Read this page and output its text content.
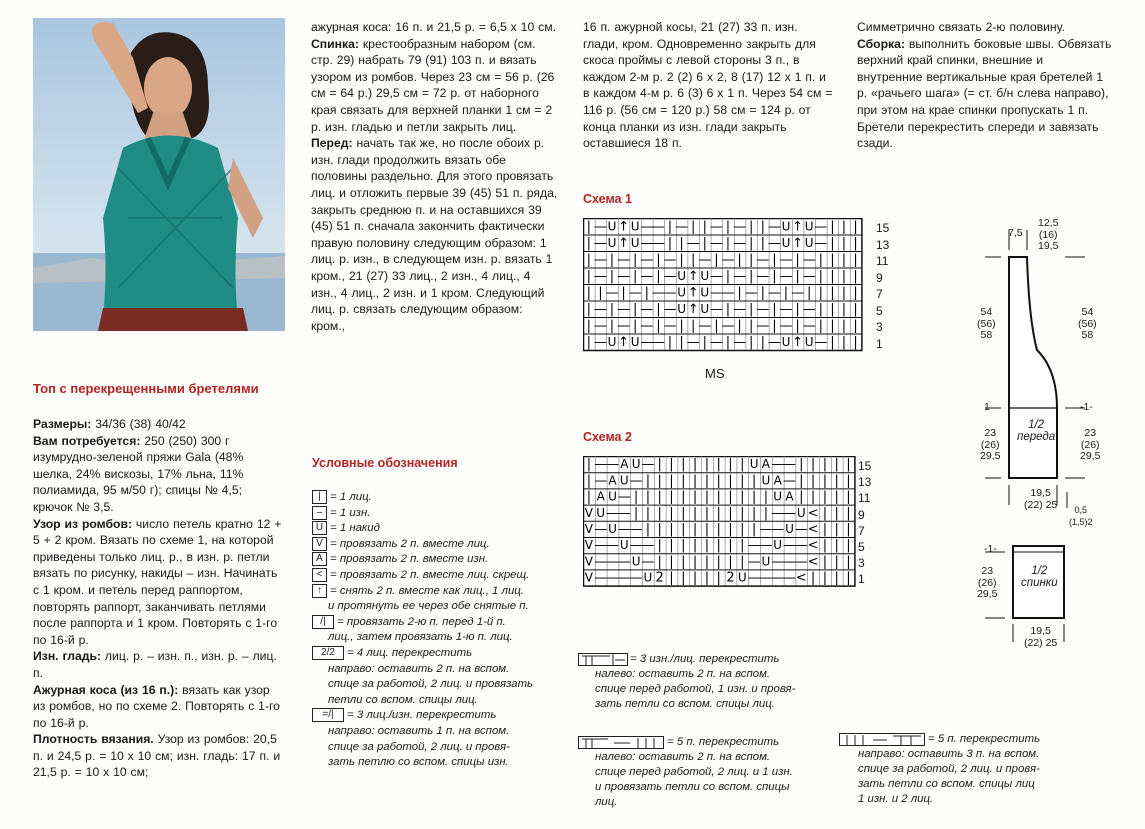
Топ с перекрещенными бретелями

Размеры: 34/36 (38) 40/42

Вам потребуется: 250 (250) 300 г изумрудно-зеленой пряжи Gala (48% шелка, 24% вискозы, 17% льна, 11% полиамида, 95 м/50 г); спицы № 4,5; крючок № 3,5.

Узор из ромбов: число петель кратно 12 + 5 + 2 кром. Вязать по схеме 1, на которой приведены только лиц. р., в изн. р. петли вязать по рисунку, накиды – изн. Начинать с 1 кром. и петель перед раппортом, повторять раппорт, заканчивать петлями после раппорта и 1 кром. Повторять с 1-го по 16-й р.

Изн. гладь: лиц. р. – изн. п., изн. р. – лиц. п.

Ажурная коса (из 16 п.): вязать как узор из ромбов, но по схеме 2. Повторять с 1-го по 16-й р.

Плотность вязания. Узор из ромбов: 20,5 п. и 24,5 р. = 10 х 10 см; изн. гладь: 17 п. и 21,5 р. = 10 х 10 см;

ажурная коса: 16 п. и 21,5 р. = 6,5 х 10 см.

Спинка: крестообразным набором (см. стр. 29) набрать 79 (91) 103 п. и вязать узором из ромбов. Через 23 см = 56 р. (26 см = 64 р.) 29,5 см = 72 р. от наборного края связать для верхней планки 1 см = 2 р. изн. гладью и петли закрыть лиц.

Перед: начать так же, но после обоих р. изн. глади продолжить вязать обе половины раздельно. Для этого провязать лиц. и отложить первые 39 (45) 51 п. ряда, закрыть среднюю п. и на оставшихся 39 (45) 51 п. сначала закончить фактически правую половину следующим образом: 1 лиц. р. изн., в следующем изн. р. вязать 1 кром., 21 (27) 33 лиц., 2 изн., 4 лиц., 4 изн., 4 лиц., 2 изн. и 1 кром. Следующий лиц. р. связать следующим образом: кром.,

16 п. ажурной косы, 21 (27) 33 п. изн. глади, кром. Одновременно закрыть для скоса проймы с левой стороны 3 п., в каждом 2-м р. 2 (2) 6 х 2, 8 (17) 12 х 1 п. и в каждом 4-м р. 6 (3) 6 х 1 п. Через 54 см = 116 р. (56 см = 120 р.) 58 см = 124 р. от конца планки из изн. глади закрыть оставшиеся 18 п.

Симметрично связать 2-ю половину.

Сборка: выполнить боковые швы. Обвязать верхний край спинки, внешние и внутренние вертикальные края бретелей 1 р. «рачьего шага» (= ст. б/н слева направо), при этом на крае спинки пропускать 1 п. Бретели перекрестить спереди и завязать сзади.

Условные обозначения
| = 1 лиц.
– = 1 изн.
U = 1 накид
V = провязать 2 п. вместе лиц.
A = провязать 2 п. вместе изн.
< = провязать 2 п. вместе лиц. скрещ.
↑ = снять 2 п. вместе как лиц., 1 лиц.
и протянуть ее через обе снятые п.
/| = провязать 2-ю п. перед 1-й п.
лиц., затем провязать 1-ю п. лиц.
2/2 = 4 лиц. перекрестить
направо: оставить 2 п. на вспом.
спице за работой, 2 лиц. и провязать
петли со вспом. спицы лиц.
=/| = 3 лиц./изн. перекрестить
направо: оставить 1 п. на вспом.
спице за работой, 2 лиц. и провя-
зать петлю со вспом. спицы изн.
Схема 1
| — U ↑ U —
— | — | | — | — | | — U ↑ U — | | |
| — U ↑ U —
— | | — | — | — | | — U ↑ U — | | |
| — | — | — | — | | — | — | | — | — | — | | | |
| — | — | — | — U ↑ U — | — | — | — | — | | | |
| | — | — | —
— U ↑ U —
— | — | — | — | | | | |
| — | — | — | — U ↑ U — | — | — | — | — | | | |
| — | — | — | — | | — | — | | — | — | — | | | |
| — U ↑ U —
— | | — | — | — | | — U ↑ U — | | |
15
13
11
9
7
5
3
1
MS
Схема 2
| —
— A U — | | | | | | | | U A —
— | | | | |
| — A U — | | | | | | | | | | U A — | | | | |
| A U — | | | | | | | | | | | | U A | | | | |
V U —
— | | | | | | | | | | | | —
— U < | | |
V — U —
— | | | | | | | | | | —
— U — < | | |
V —
— U —
— | | | | | | | | —
— U —
— < | | |
V —
—
— U — | | | | | | | | — U —
—
— < | | |
V —
—
—
— U 2 | | | | | 2 U —
—
—
— < | | | |
15
13
11
9
7
5
3
1
= 3 изн./лиц. перекрестить
налево: оставить 2 п. на вспом.
спице перед работой, 1 изн. и провя-
зать петли со вспом. спицы лиц.
= 5 п. перекрестить
налево: оставить 2 п. на вспом.
спице перед работой, 2 лиц. и 1 изн.
и провязать петли со вспом. спицы
лиц.
= 5 п. перекрестить
направо: оставить 3 п. на вспом.
спице за работой, 2 лиц. и провя-
зать петли со вспом. спицы лиц
1 изн. и 2 лиц.
7,5
12,5
(16)
19,5
54
(56)
58
54
(56)
58
1	-1-
23
(26)
29,5
23
(26)
29,5
1/2
переда
19,5
(22) 25	0,5
(1,5)2
-1-
23
(26)
29,5
1/2
спинки
19,5
(22) 25
